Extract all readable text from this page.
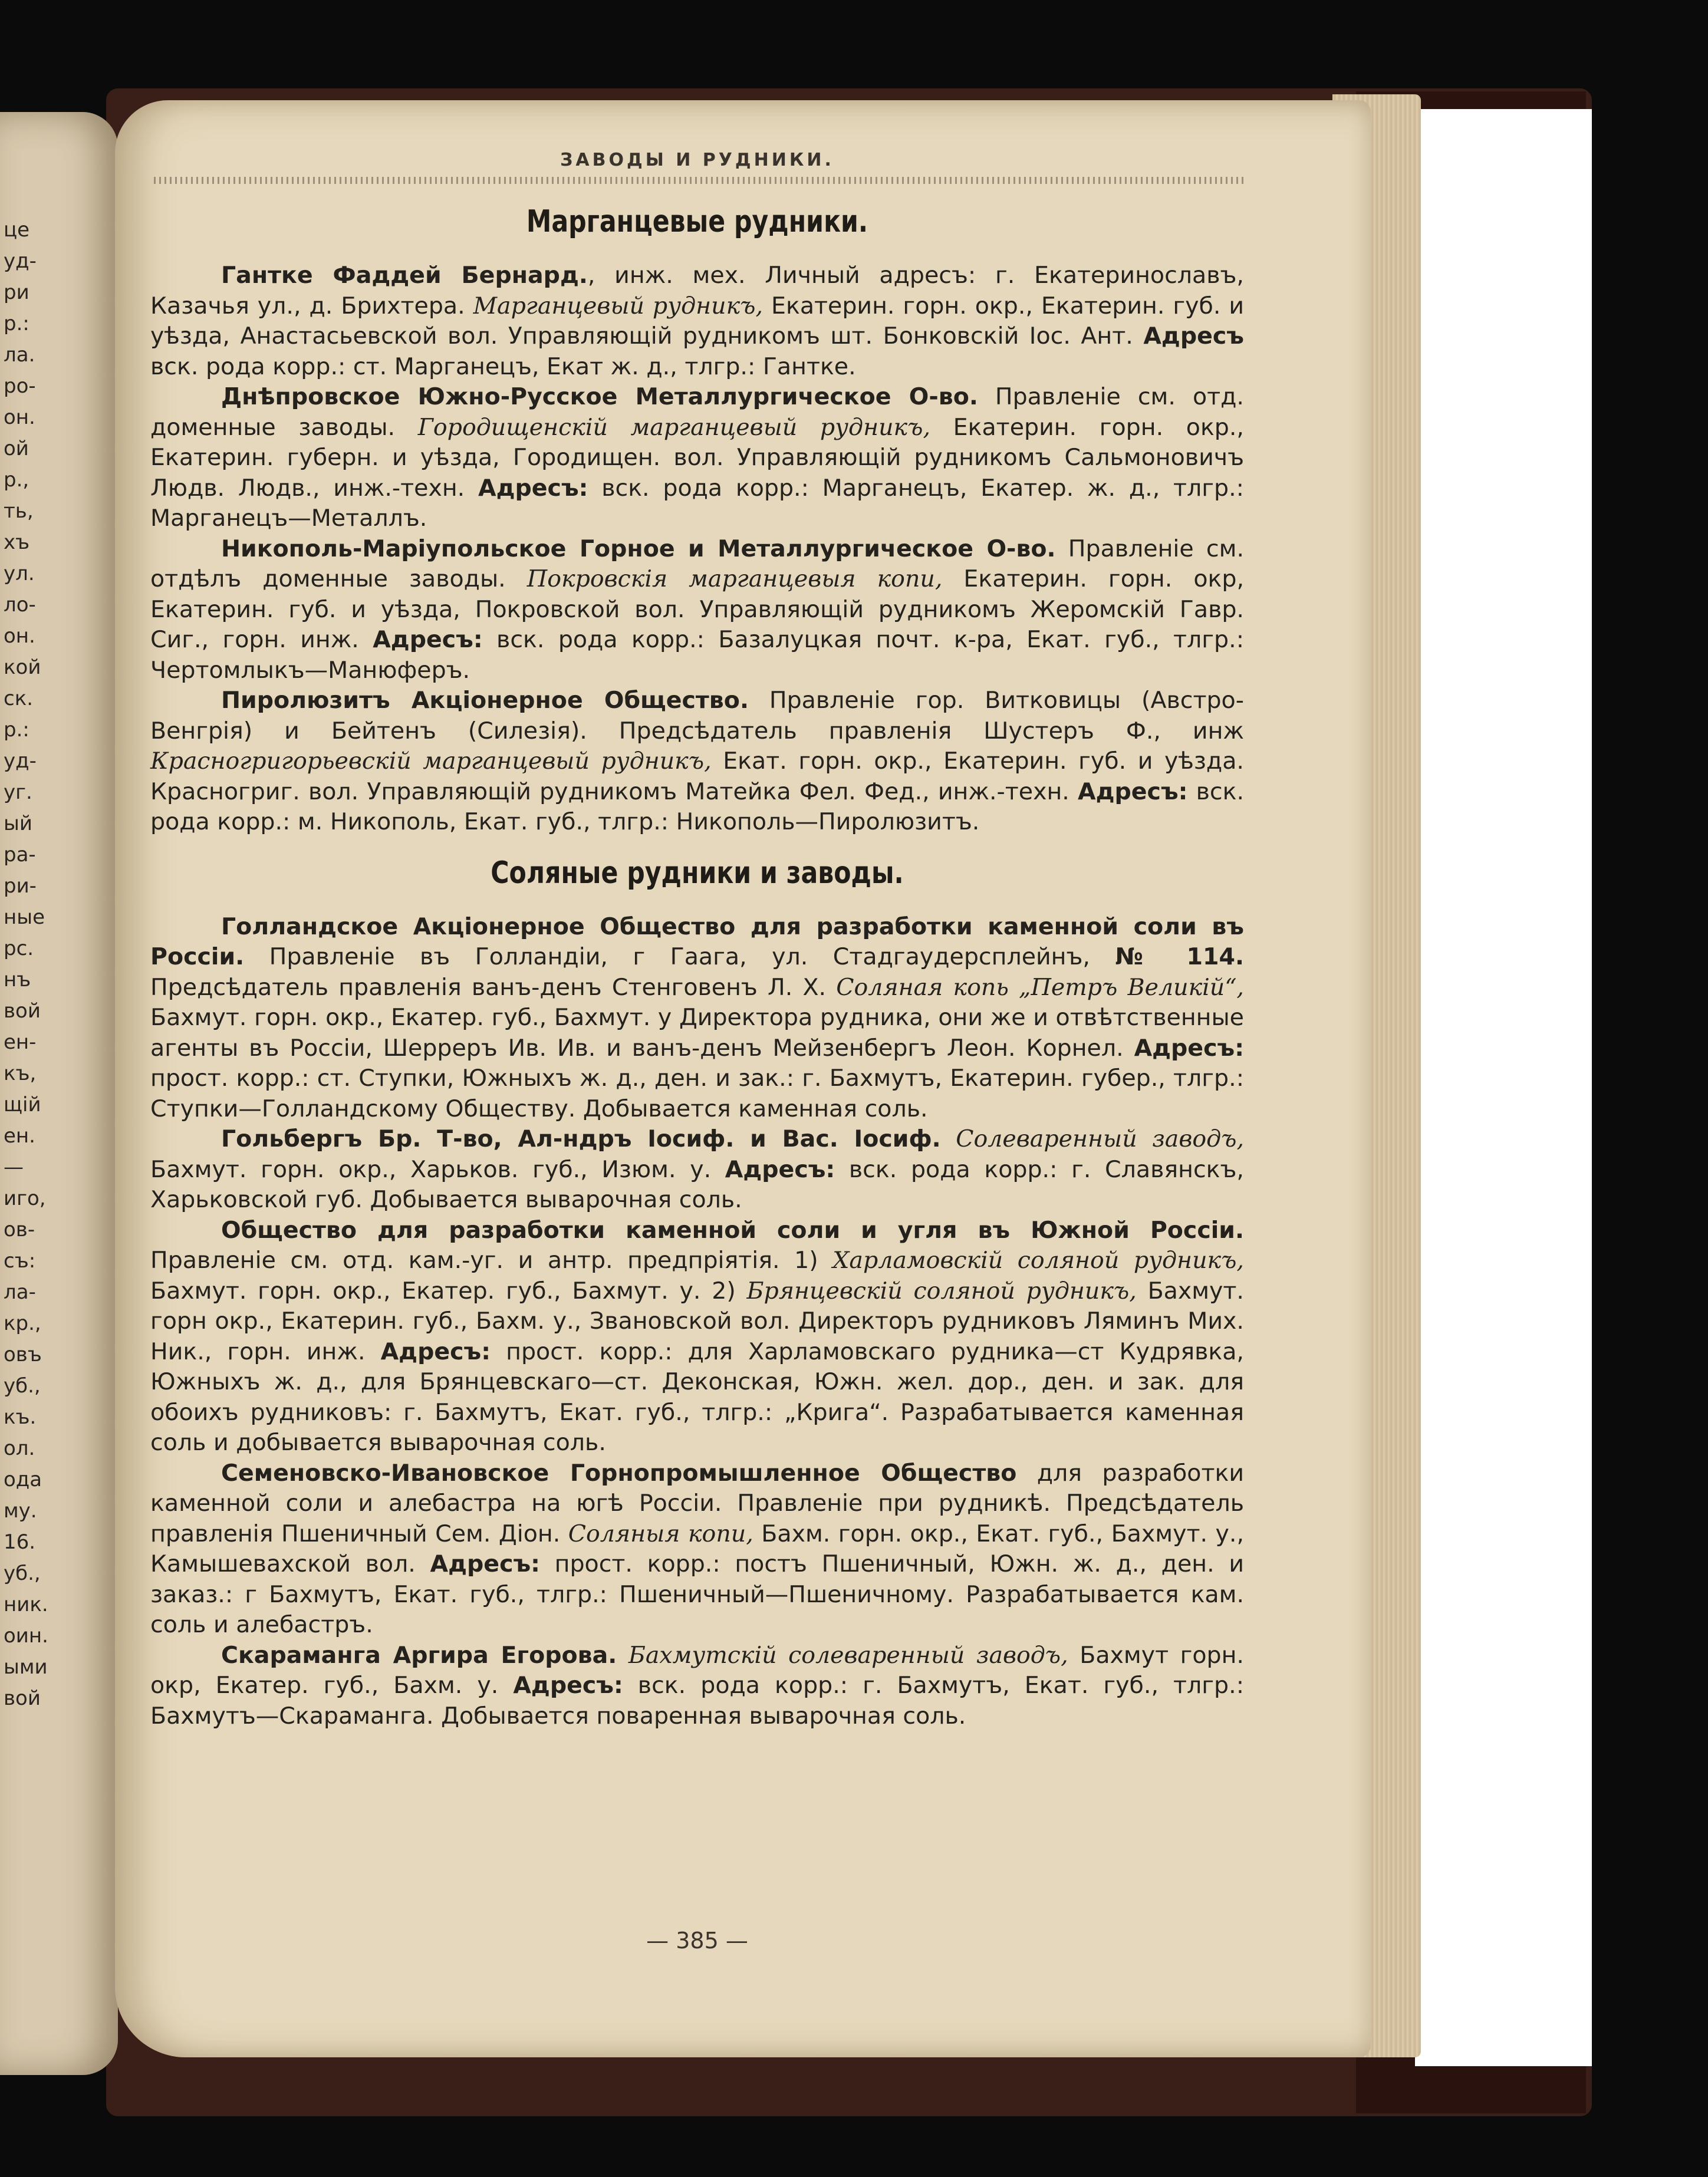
це
уд-
ри
р.:
ла.
ро-
он.
ой
р.,
ть,
хъ
ул.
ло-
он.
кой
ск.
р.:
уд-
уг.
ый
ра-
ри-
ные
рс.
нъ
вой
ен-
къ,
щій
ен.
—
иго,
ов-
съ:
ла-
кр.,
овъ
уб.,
къ.
ол.
ода
му.
16.
уб.,
ник.
оин.
ыми
вой
ЗАВОДЫ И РУДНИКИ.
Марганцевые рудники.

Гантке Фаддей Бернард., инж. мех. Личный адресъ: г. Екатеринославъ, Казачья ул., д. Брихтера. Марганцевый рудникъ, Екатерин. горн. окр., Екатерин. губ. и уѣзда, Анастасьевской вол. Управляющій рудникомъ шт. Бонковскій Іос. Ант. Адресъ вск. рода корр.: ст. Марганецъ, Екат ж. д., тлгр.: Гантке.

Днѣпровское Южно-Русское Металлургическое О-во. Правленіе см. отд. доменные заводы. Городищенскій марганцевый рудникъ, Екатерин. горн. окр., Екатерин. губерн. и уѣзда, Городищен. вол. Управляющій рудникомъ Сальмоновичъ Людв. Людв., инж.-техн. Адресъ: вск. рода корр.: Марганецъ, Екатер. ж. д., тлгр.: Марганецъ—Металлъ.

Никополь-Маріупольское Горное и Металлургическое О-во. Правленіе см. отдѣлъ доменные заводы. Покровскія марганцевыя копи, Екатерин. горн. окр, Екатерин. губ. и уѣзда, Покровской вол. Управляющій рудникомъ Жеромскій Гавр. Сиг., горн. инж. Адресъ: вск. рода корр.: Базалуцкая почт. к-ра, Екат. губ., тлгр.: Чертомлыкъ—Манюферъ.

Пиролюзитъ Акціонерное Общество. Правленіе гор. Витковицы (Австро-Венгрія) и Бейтенъ (Силезія). Предсѣдатель правленія Шустеръ Ф., инж Красногригорьевскій марганцевый рудникъ, Екат. горн. окр., Екатерин. губ. и уѣзда. Красногриг. вол. Управляющій рудникомъ Матейка Фел. Фед., инж.-техн. Адресъ: вск. рода корр.: м. Никополь, Екат. губ., тлгр.: Никополь—Пиролюзитъ.

Соляные рудники и заводы.

Голландское Акціонерное Общество для разработки каменной соли въ Россіи. Правленіе въ Голландіи, г Гаага, ул. Стадгаудерсплейнъ, № 114. Предсѣдатель правленія ванъ-денъ Стенговенъ Л. Х. Соляная копь „Петръ Великій“, Бахмут. горн. окр., Екатер. губ., Бахмут. у Директора рудника, они же и отвѣтственные агенты въ Россіи, Шерреръ Ив. Ив. и ванъ-денъ Мейзенбергъ Леон. Корнел. Адресъ: прост. корр.: ст. Ступки, Южныхъ ж. д., ден. и зак.: г. Бахмутъ, Екатерин. губер., тлгр.: Ступки—Голландскому Обществу. Добывается каменная соль.

Гольбергъ Бр. Т-во, Ал-ндръ Іосиф. и Вас. Іосиф. Солеваренный заводъ, Бахмут. горн. окр., Харьков. губ., Изюм. у. Адресъ: вск. рода корр.: г. Славянскъ, Харьковской губ. Добывается выварочная соль.

Общество для разработки каменной соли и угля въ Южной Россіи. Правленіе см. отд. кам.-уг. и антр. предпріятія. 1) Харламовскій соляной рудникъ, Бахмут. горн. окр., Екатер. губ., Бахмут. у. 2) Брянцевскій соляной рудникъ, Бахмут. горн окр., Екатерин. губ., Бахм. у., Звановской вол. Директоръ рудниковъ Ляминъ Мих. Ник., горн. инж. Адресъ: прост. корр.: для Харламовскаго рудника—ст Кудрявка, Южныхъ ж. д., для Брянцевскаго—ст. Деконская, Южн. жел. дор., ден. и зак. для обоихъ рудниковъ: г. Бахмутъ, Екат. губ., тлгр.: „Крига“. Разрабатывается каменная соль и добывается выварочная соль.

Семеновско-Ивановское Горнопромышленное Общество для разработки каменной соли и алебастра на югѣ Россіи. Правленіе при рудникѣ. Предсѣдатель правленія Пшеничный Сем. Діон. Соляныя копи, Бахм. горн. окр., Екат. губ., Бахмут. у., Камышевахской вол. Адресъ: прост. корр.: постъ Пшеничный, Южн. ж. д., ден. и заказ.: г Бахмутъ, Екат. губ., тлгр.: Пшеничный—Пшеничному. Разрабатывается кам. соль и алебастръ.

Скараманга Аргира Егорова. Бахмутскій солеваренный заводъ, Бахмут горн. окр, Екатер. губ., Бахм. у. Адресъ: вск. рода корр.: г. Бахмутъ, Екат. губ., тлгр.: Бахмутъ—Скараманга. Добывается поваренная выварочная соль.

— 385 —
